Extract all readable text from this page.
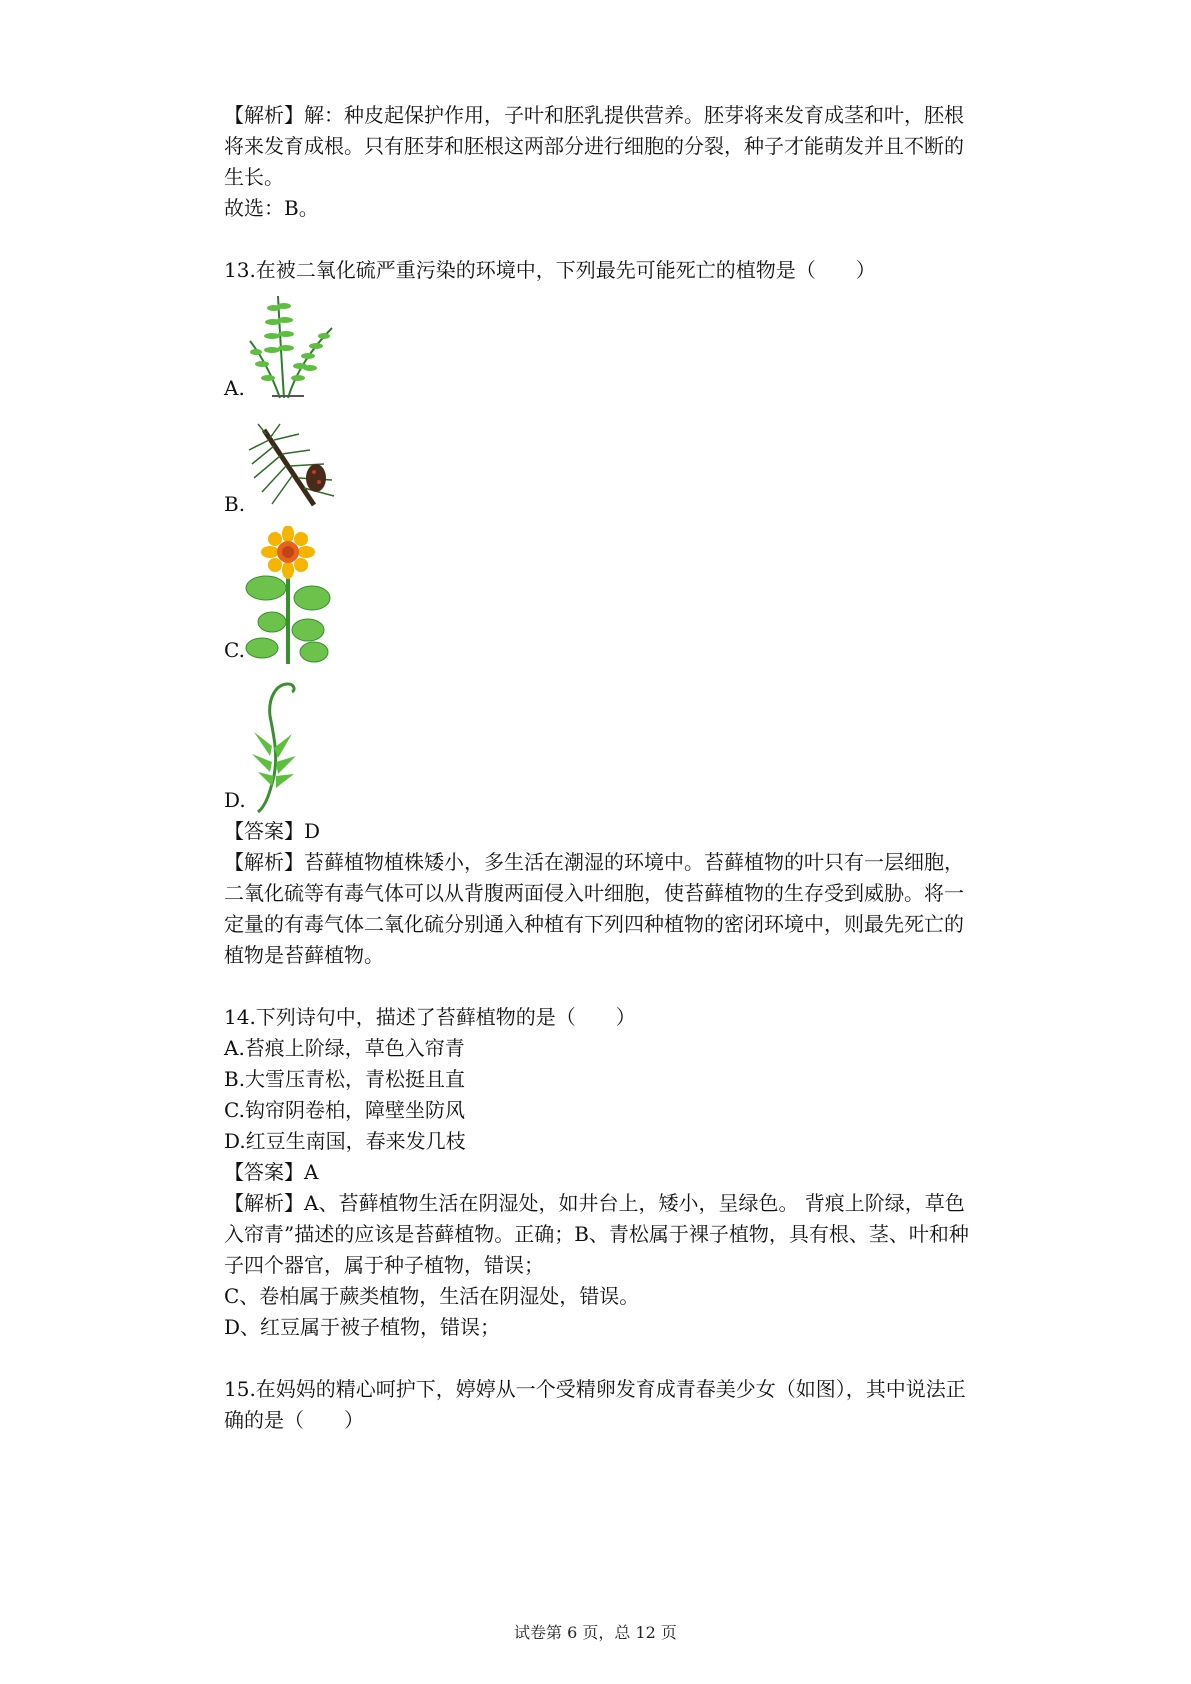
【解析】解：种皮起保护作用，子叶和胚乳提供营养。胚芽将来发育成茎和叶，胚根

将来发育成根。只有胚芽和胚根这两部分进行细胞的分裂，种子才能萌发并且不断的

生长。

故选：B。

13.在被二氧化硫严重污染的环境中，下列最先可能死亡的植物是（　　）

A.
B.
C.
D.

【答案】D

【解析】苔藓植物植株矮小，多生活在潮湿的环境中。苔藓植物的叶只有一层细胞，

二氧化硫等有毒气体可以从背腹两面侵入叶细胞，使苔藓植物的生存受到威胁。将一

定量的有毒气体二氧化硫分别通入种植有下列四种植物的密闭环境中，则最先死亡的

植物是苔藓植物。

14.下列诗句中，描述了苔藓植物的是（　　）

A.苔痕上阶绿，草色入帘青

B.大雪压青松，青松挺且直

C.钩帘阴卷柏，障壁坐防风

D.红豆生南国，春来发几枝

【答案】A

【解析】A、苔藓植物生活在阴湿处，如井台上，矮小，呈绿色。 背痕上阶绿，草色

入帘青”描述的应该是苔藓植物。正确；B、青松属于裸子植物，具有根、茎、叶和种

子四个器官，属于种子植物，错误；

C、卷柏属于蕨类植物，生活在阴湿处，错误。

D、红豆属于被子植物，错误；

15.在妈妈的精心呵护下，婷婷从一个受精卵发育成青春美少女（如图），其中说法正

确的是（　　）

试卷第 6 页，总 12 页
